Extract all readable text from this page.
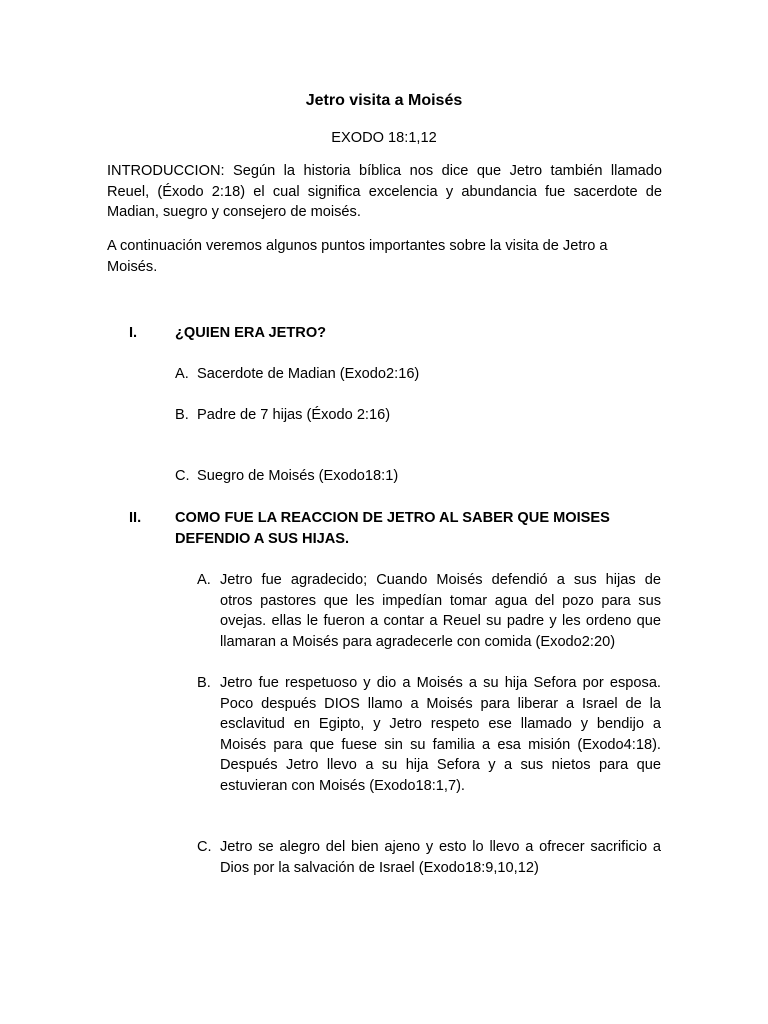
Jetro visita a Moisés
EXODO 18:1,12
INTRODUCCION: Según la historia bíblica nos dice que Jetro también llamado
Reuel, (Éxodo 2:18) el cual significa excelencia y abundancia fue sacerdote de
Madian, suegro y consejero de moisés.
A continuación veremos algunos puntos importantes sobre la visita de Jetro a
Moisés.
I.	¿QUIEN ERA JETRO?
A. Sacerdote de Madian (Exodo2:16)
B. Padre de 7 hijas (Éxodo 2:16)
C. Suegro de Moisés (Exodo18:1)
II. COMO FUE LA REACCION DE JETRO AL SABER QUE MOISES
DEFENDIO A SUS HIJAS.
A. Jetro fue agradecido; Cuando Moisés defendió a sus hijas de
otros pastores que les impedían tomar agua del pozo para sus
ovejas. ellas le fueron a contar a Reuel su padre y les ordeno que
llamaran a Moisés para agradecerle con comida (Exodo2:20)
B. Jetro fue respetuoso y dio a Moisés a su hija Sefora por esposa.
Poco después DIOS llamo a Moisés para liberar a Israel de la
esclavitud en Egipto, y Jetro respeto ese llamado y bendijo a
Moisés para que fuese sin su familia a esa misión (Exodo4:18).
Después Jetro llevo a su hija Sefora y a sus nietos para que
estuvieran con Moisés (Exodo18:1,7).
C. Jetro se alegro del bien ajeno y esto lo llevo a ofrecer sacrificio a
Dios por la salvación de Israel (Exodo18:9,10,12)
